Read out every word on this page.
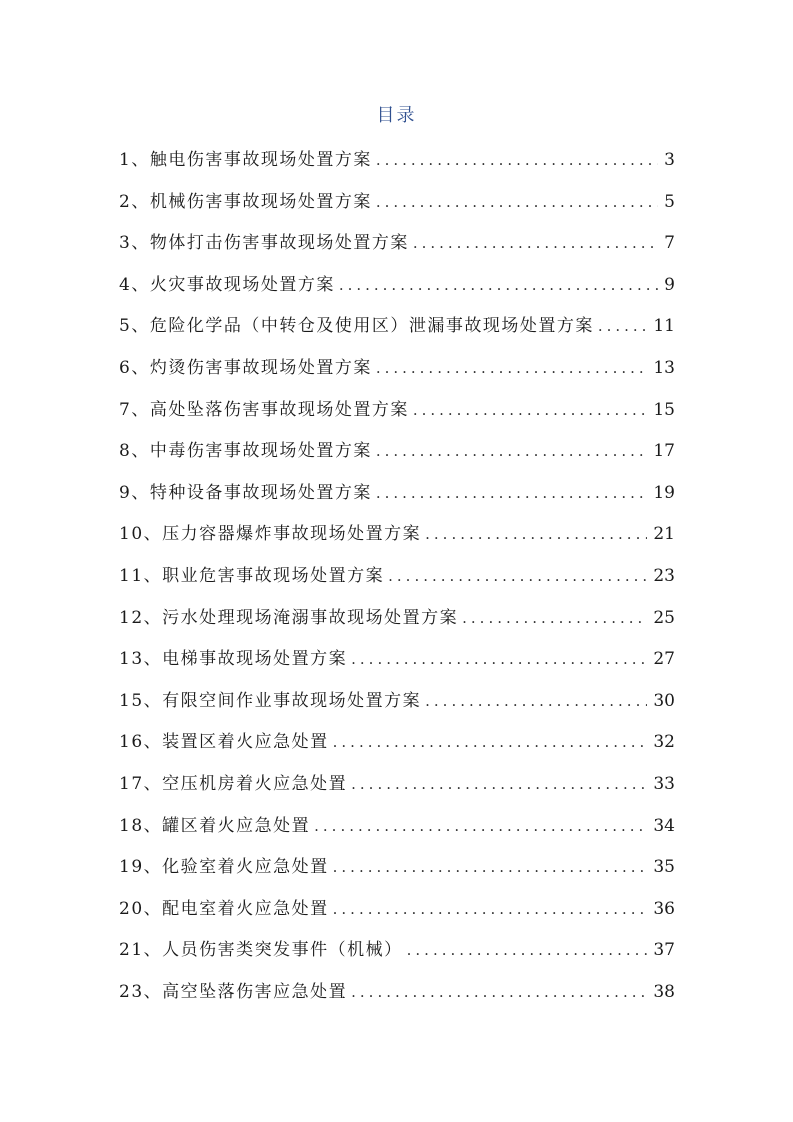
目录
1、触电伤害事故现场处置方案 .....	3
2、机械伤害事故现场处置方案 .....	5
3、物体打击伤害事故现场处置方案 .....	7
4、火灾事故现场处置方案 .....	9
5、危险化学品（中转仓及使用区）泄漏事故现场处置方案 .....	11
6、灼烫伤害事故现场处置方案 .....	13
7、高处坠落伤害事故现场处置方案 .....	15
8、中毒伤害事故现场处置方案 .....	17
9、特种设备事故现场处置方案 .....	19
10、压力容器爆炸事故现场处置方案 .....	21
11、职业危害事故现场处置方案 .....	23
12、污水处理现场淹溺事故现场处置方案 .....	25
13、电梯事故现场处置方案 .....	27
15、有限空间作业事故现场处置方案 .....	30
16、装置区着火应急处置 .....	32
17、空压机房着火应急处置 .....	33
18、罐区着火应急处置 .....	34
19、化验室着火应急处置 .....	35
20、配电室着火应急处置 .....	36
21、人员伤害类突发事件（机械） .....	37
23、高空坠落伤害应急处置 .....	38
